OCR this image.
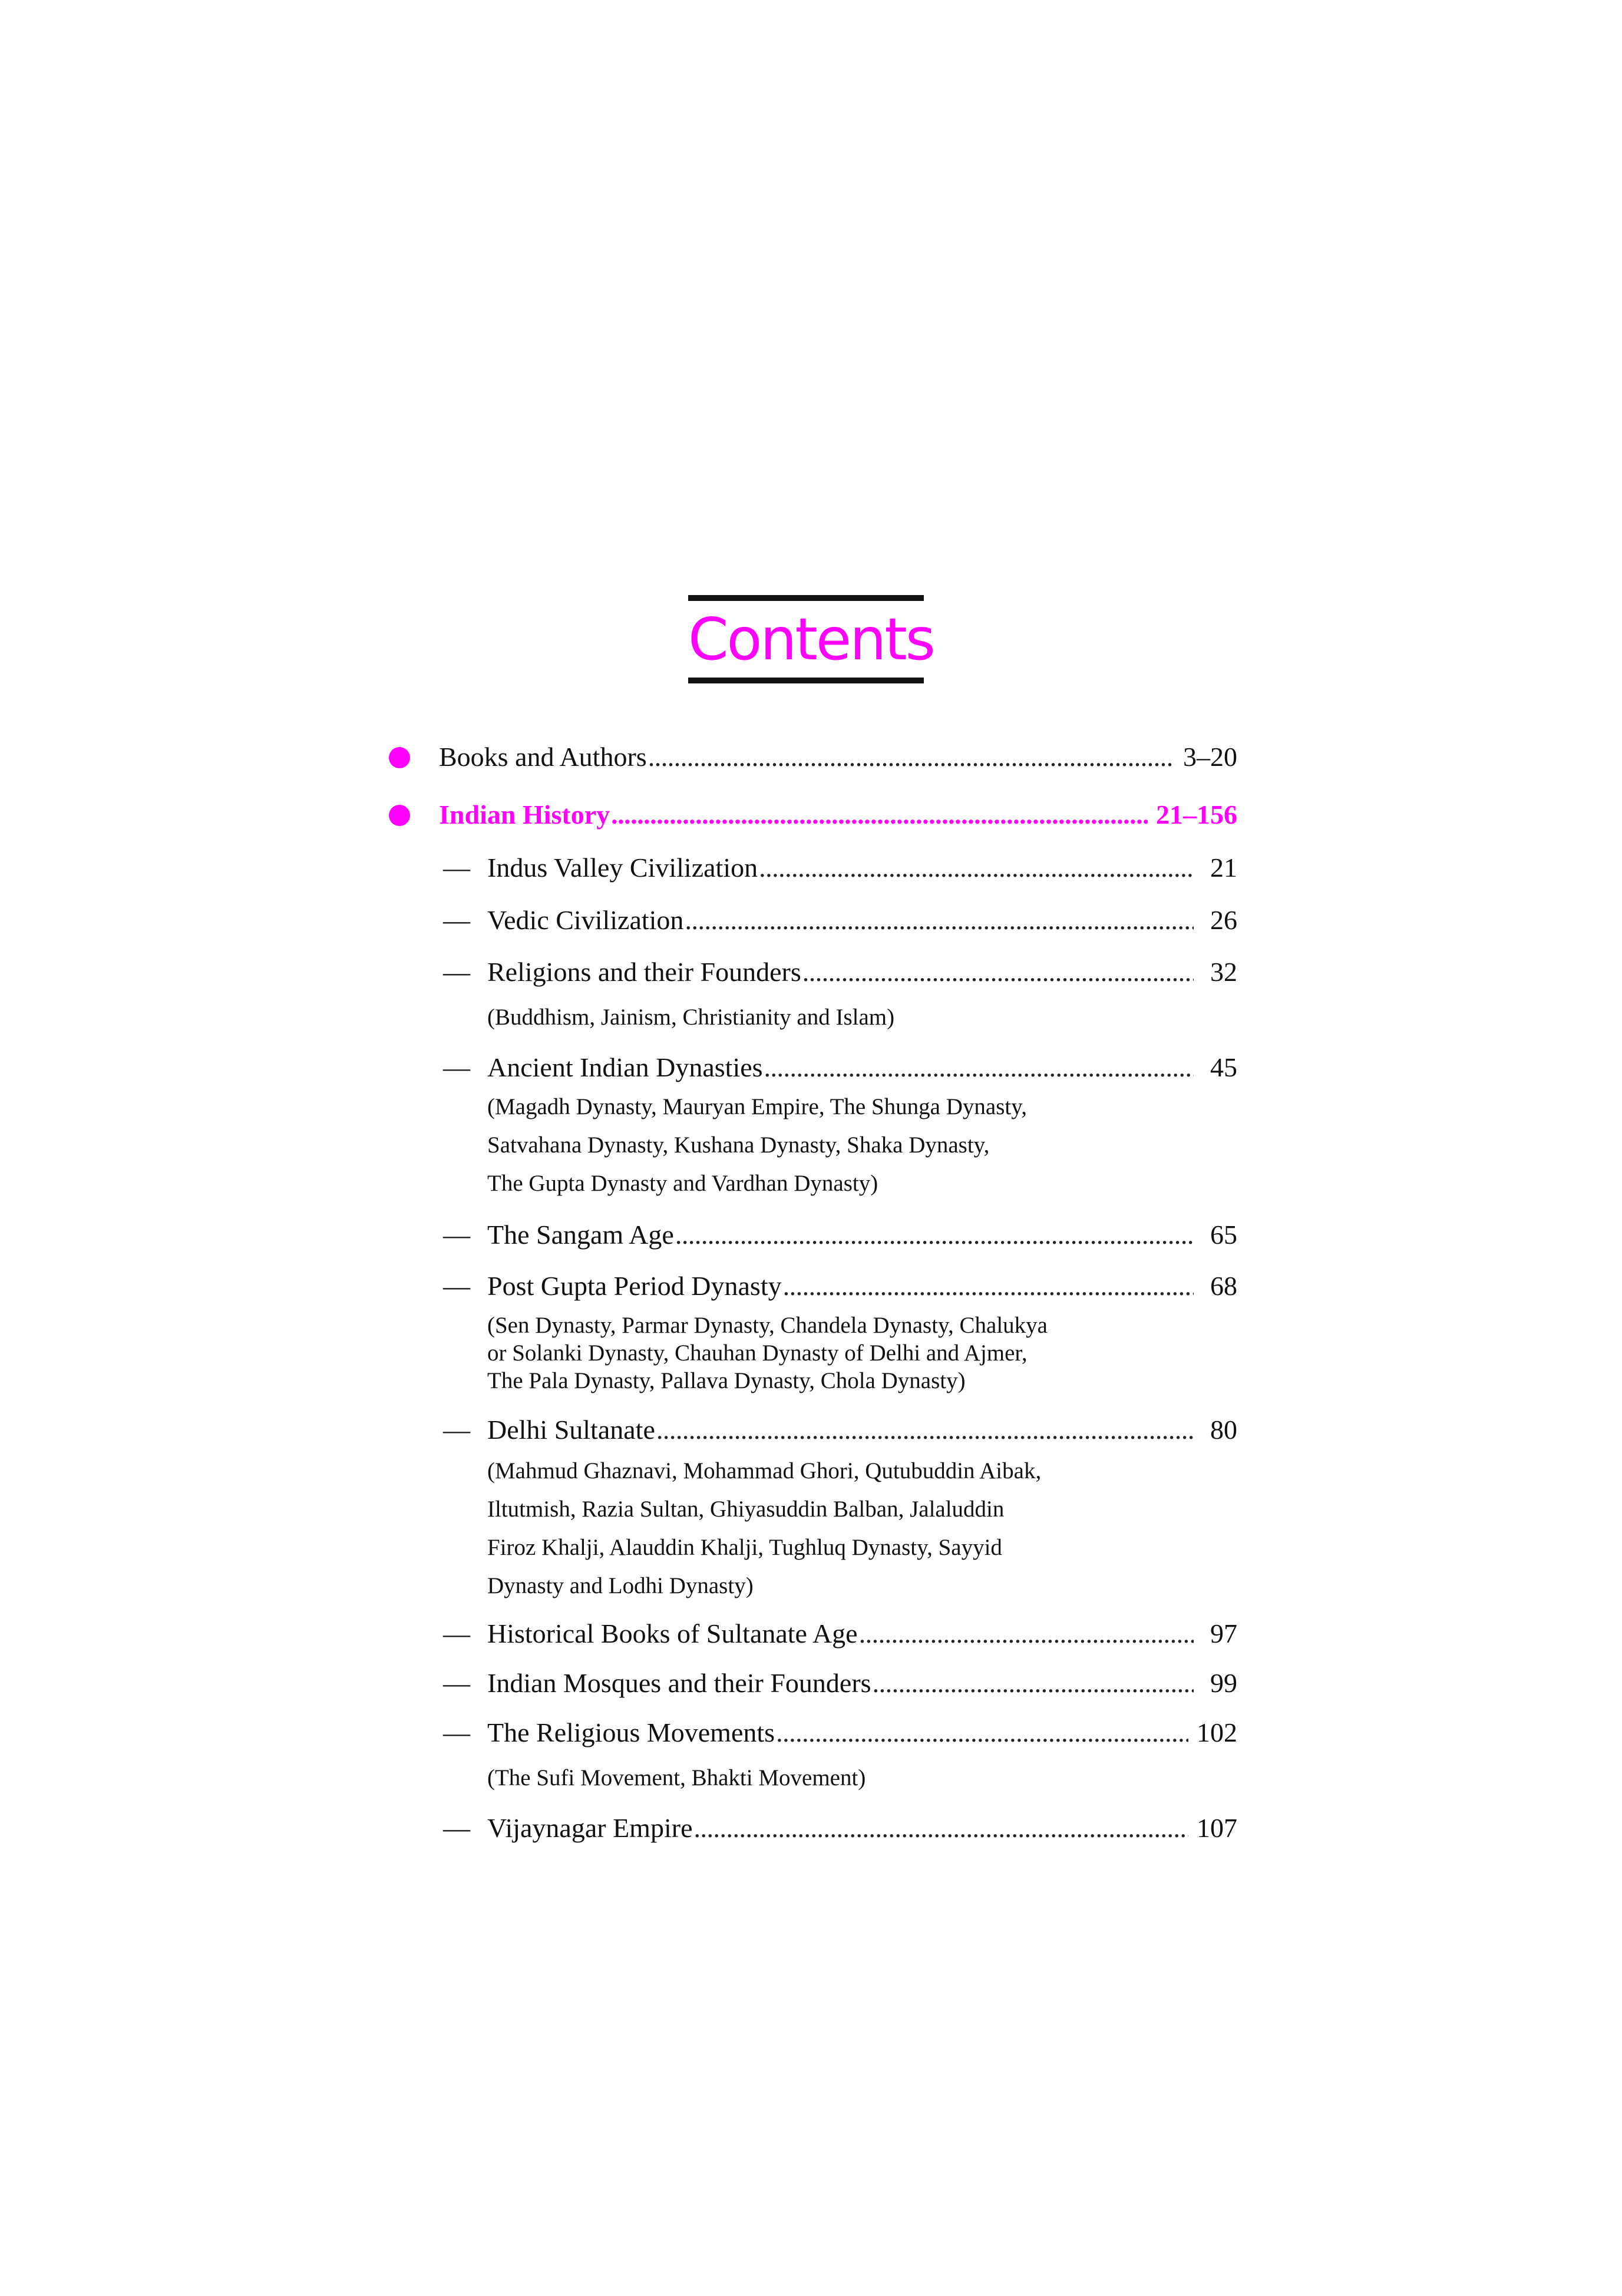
Contents
Books and Authors . . .	3–20
Indian History . . .	21–156
— Indus Valley Civilization . . .	21
— Vedic Civilization . . .	26
— Religions and their Founders . . .	32
(Buddhism, Jainism, Christianity and Islam)
— Ancient Indian Dynasties . . .	45
(Magadh Dynasty, Mauryan Empire, The Shunga Dynasty,
Satvahana Dynasty, Kushana Dynasty, Shaka Dynasty,
The Gupta Dynasty and Vardhan Dynasty)
— The Sangam Age . . .	65
— Post Gupta Period Dynasty . . .	68
(Sen Dynasty, Parmar Dynasty, Chandela Dynasty, Chalukya
or Solanki Dynasty, Chauhan Dynasty of Delhi and Ajmer,
The Pala Dynasty, Pallava Dynasty, Chola Dynasty)
— Delhi Sultanate . . .	80
(Mahmud Ghaznavi, Mohammad Ghori, Qutubuddin Aibak,
Iltutmish, Razia Sultan, Ghiyasuddin Balban, Jalaluddin
Firoz Khalji, Alauddin Khalji, Tughluq Dynasty, Sayyid
Dynasty and Lodhi Dynasty)
— Historical Books of Sultanate Age . . .	97
— Indian Mosques and their Founders . . .	99
— The Religious Movements . . .	102
(The Sufi Movement, Bhakti Movement)
— Vijaynagar Empire . . .	107
